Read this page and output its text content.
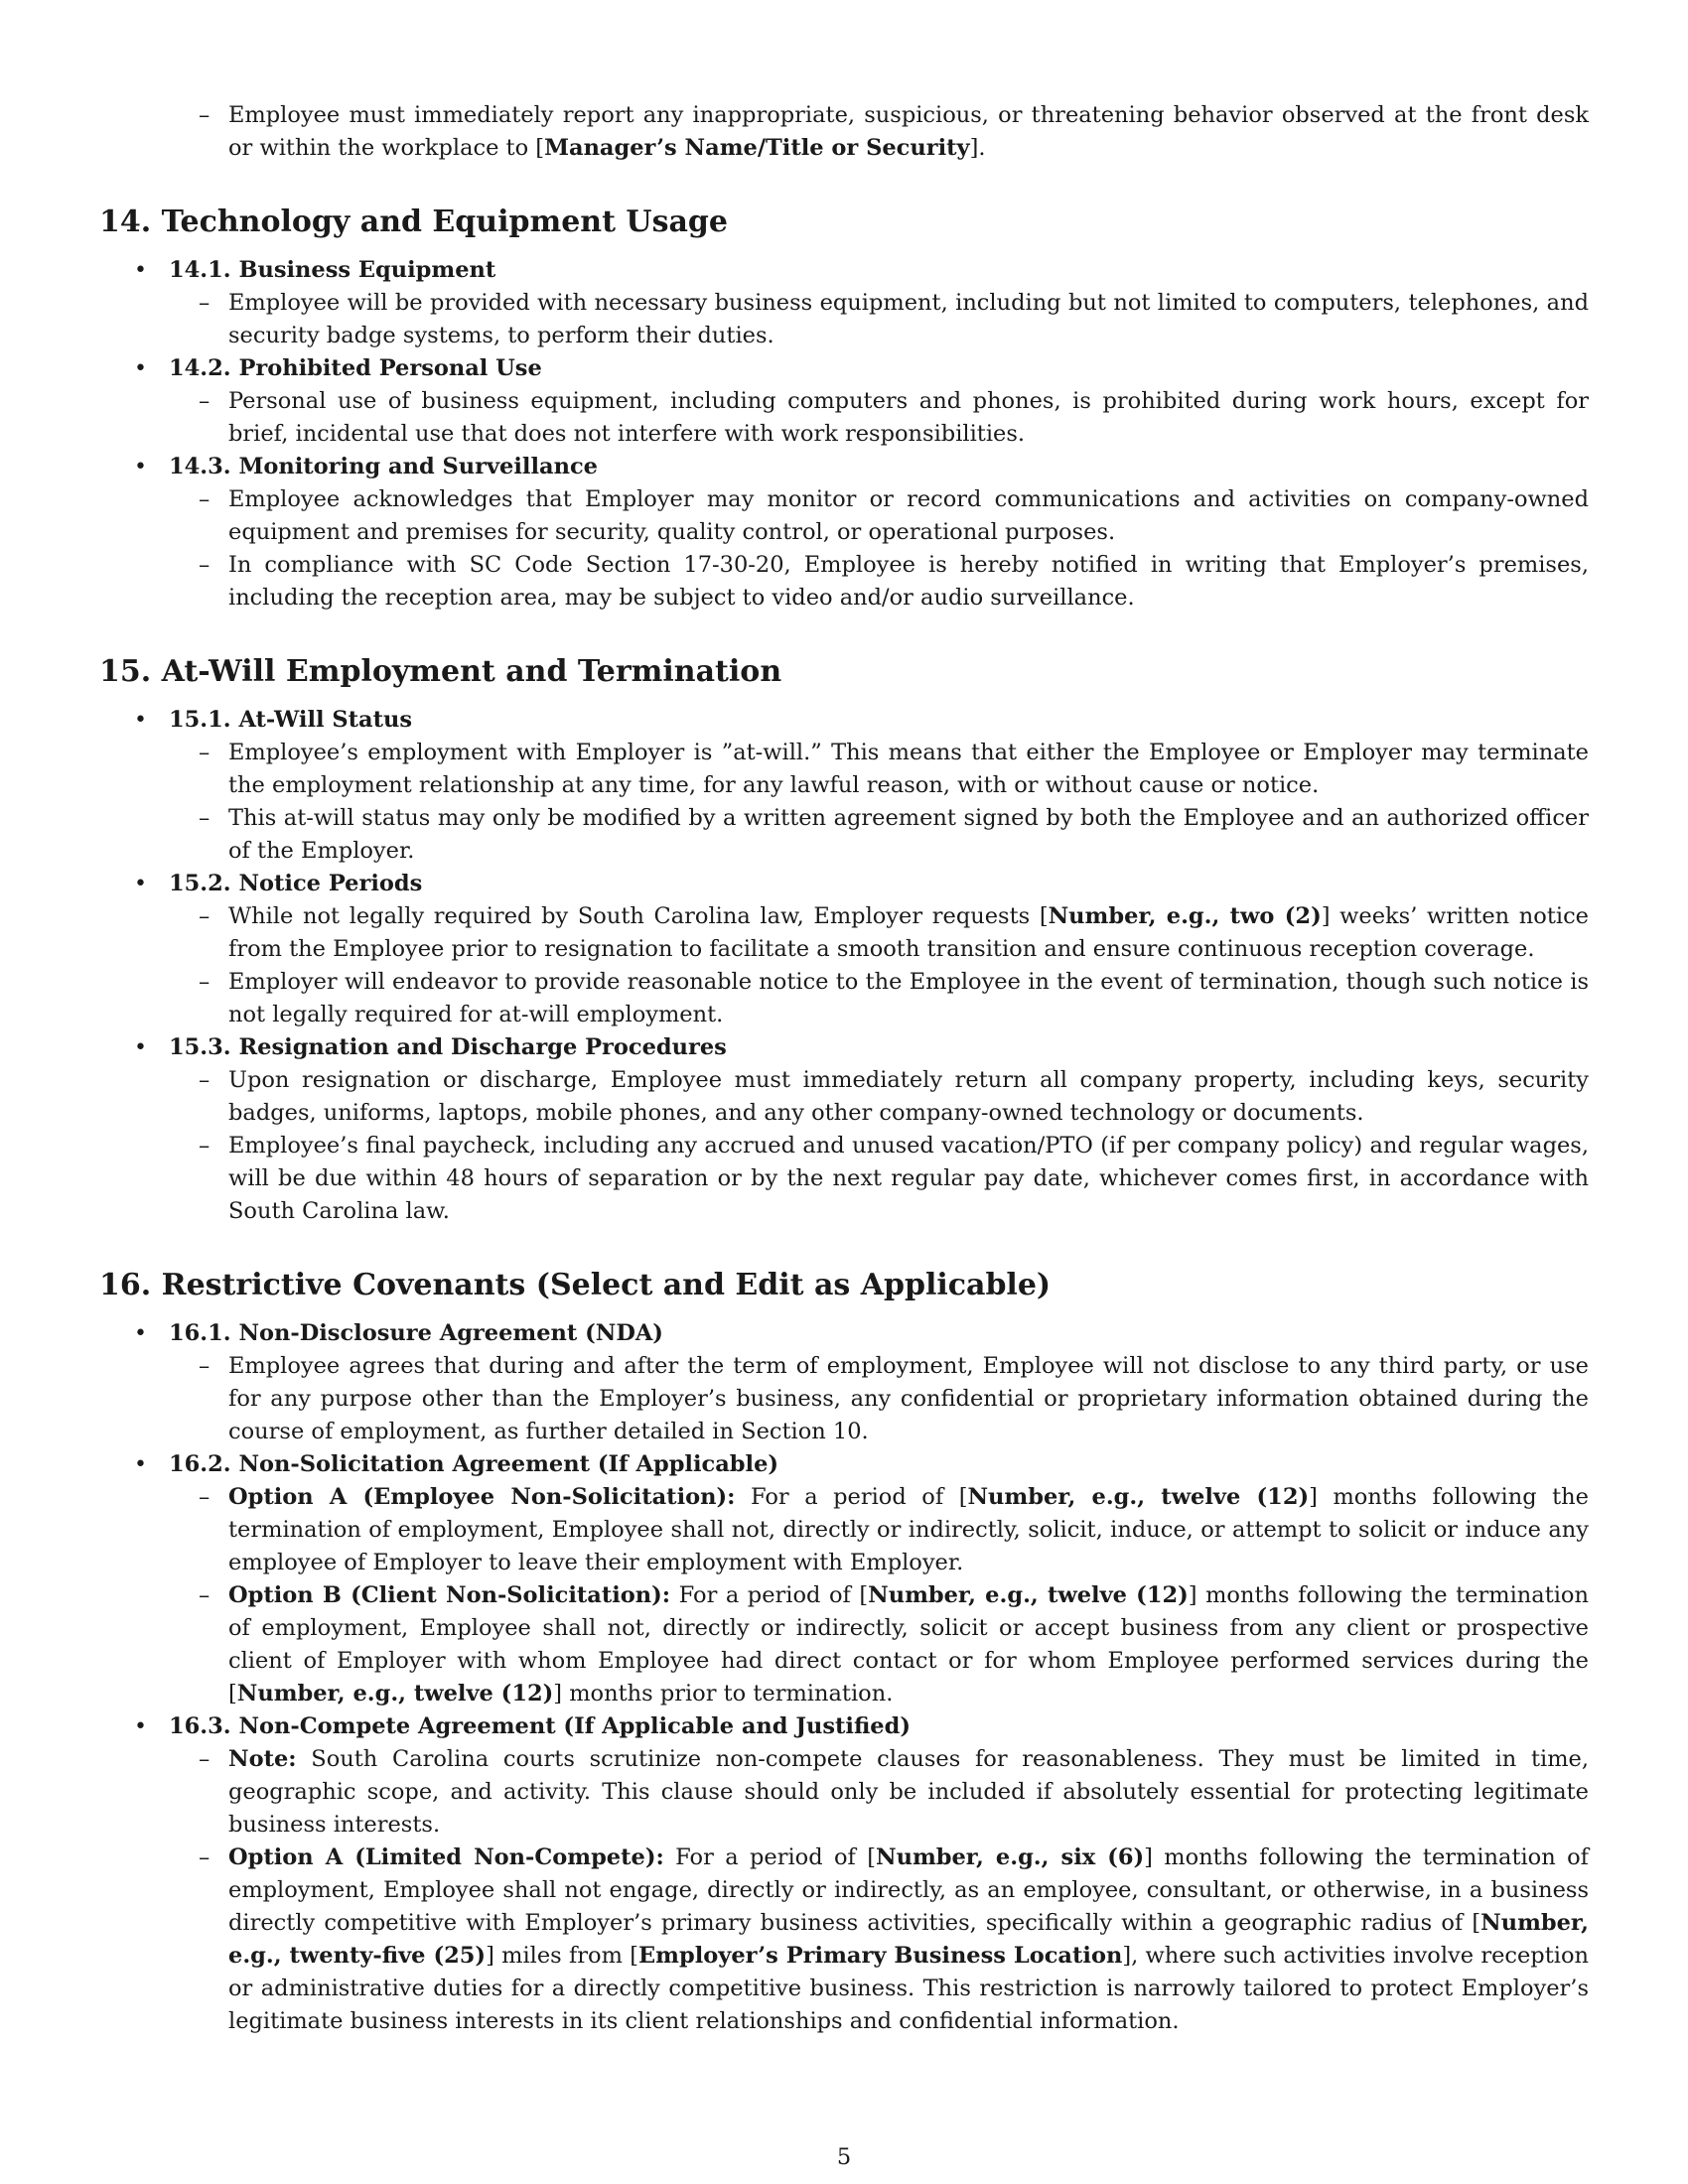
– Employee must immediately report any inappropriate, suspicious, or threatening behavior observed at the front desk or within the workplace to [Manager’s Name/Title or Security].
14. Technology and Equipment Usage
• 14.1. Business Equipment
– Employee will be provided with necessary business equipment, including but not limited to computers, telephones, and security badge systems, to perform their duties.
• 14.2. Prohibited Personal Use
– Personal use of business equipment, including computers and phones, is prohibited during work hours, except for brief, incidental use that does not interfere with work responsibilities.
• 14.3. Monitoring and Surveillance
– Employee acknowledges that Employer may monitor or record communications and activities on company-owned equipment and premises for security, quality control, or operational purposes.
– In compliance with SC Code Section 17-30-20, Employee is hereby notified in writing that Employer’s premises, including the reception area, may be subject to video and/or audio surveillance.
15. At-Will Employment and Termination
• 15.1. At-Will Status
– Employee’s employment with Employer is ”at-will.” This means that either the Employee or Employer may terminate the employment relationship at any time, for any lawful reason, with or without cause or notice.
– This at-will status may only be modified by a written agreement signed by both the Employee and an authorized officer of the Employer.
• 15.2. Notice Periods
– While not legally required by South Carolina law, Employer requests [Number, e.g., two (2)] weeks’ written notice from the Employee prior to resignation to facilitate a smooth transition and ensure continuous reception coverage.
– Employer will endeavor to provide reasonable notice to the Employee in the event of termination, though such notice is not legally required for at-will employment.
• 15.3. Resignation and Discharge Procedures
– Upon resignation or discharge, Employee must immediately return all company property, including keys, security badges, uniforms, laptops, mobile phones, and any other company-owned technology or documents.
– Employee’s final paycheck, including any accrued and unused vacation/PTO (if per company policy) and regular wages, will be due within 48 hours of separation or by the next regular pay date, whichever comes first, in accordance with South Carolina law.
16. Restrictive Covenants (Select and Edit as Applicable)
• 16.1. Non-Disclosure Agreement (NDA)
– Employee agrees that during and after the term of employment, Employee will not disclose to any third party, or use for any purpose other than the Employer’s business, any confidential or proprietary information obtained during the course of employment, as further detailed in Section 10.
• 16.2. Non-Solicitation Agreement (If Applicable)
– Option A (Employee Non-Solicitation): For a period of [Number, e.g., twelve (12)] months following the termination of employment, Employee shall not, directly or indirectly, solicit, induce, or attempt to solicit or induce any employee of Employer to leave their employment with Employer.
– Option B (Client Non-Solicitation): For a period of [Number, e.g., twelve (12)] months following the termination of employment, Employee shall not, directly or indirectly, solicit or accept business from any client or prospective client of Employer with whom Employee had direct contact or for whom Employee performed services during the [Number, e.g., twelve (12)] months prior to termination.
• 16.3. Non-Compete Agreement (If Applicable and Justified)
– Note: South Carolina courts scrutinize non-compete clauses for reasonableness. They must be limited in time, geographic scope, and activity. This clause should only be included if absolutely essential for protecting legitimate business interests.
– Option A (Limited Non-Compete): For a period of [Number, e.g., six (6)] months following the termination of employment, Employee shall not engage, directly or indirectly, as an employee, consultant, or otherwise, in a business directly competitive with Employer’s primary business activities, specifically within a geographic radius of [Number, e.g., twenty-five (25)] miles from [Employer’s Primary Business Location], where such activities involve reception or administrative duties for a directly competitive business. This restriction is narrowly tailored to protect Employer’s legitimate business interests in its client relationships and confidential information.
5
